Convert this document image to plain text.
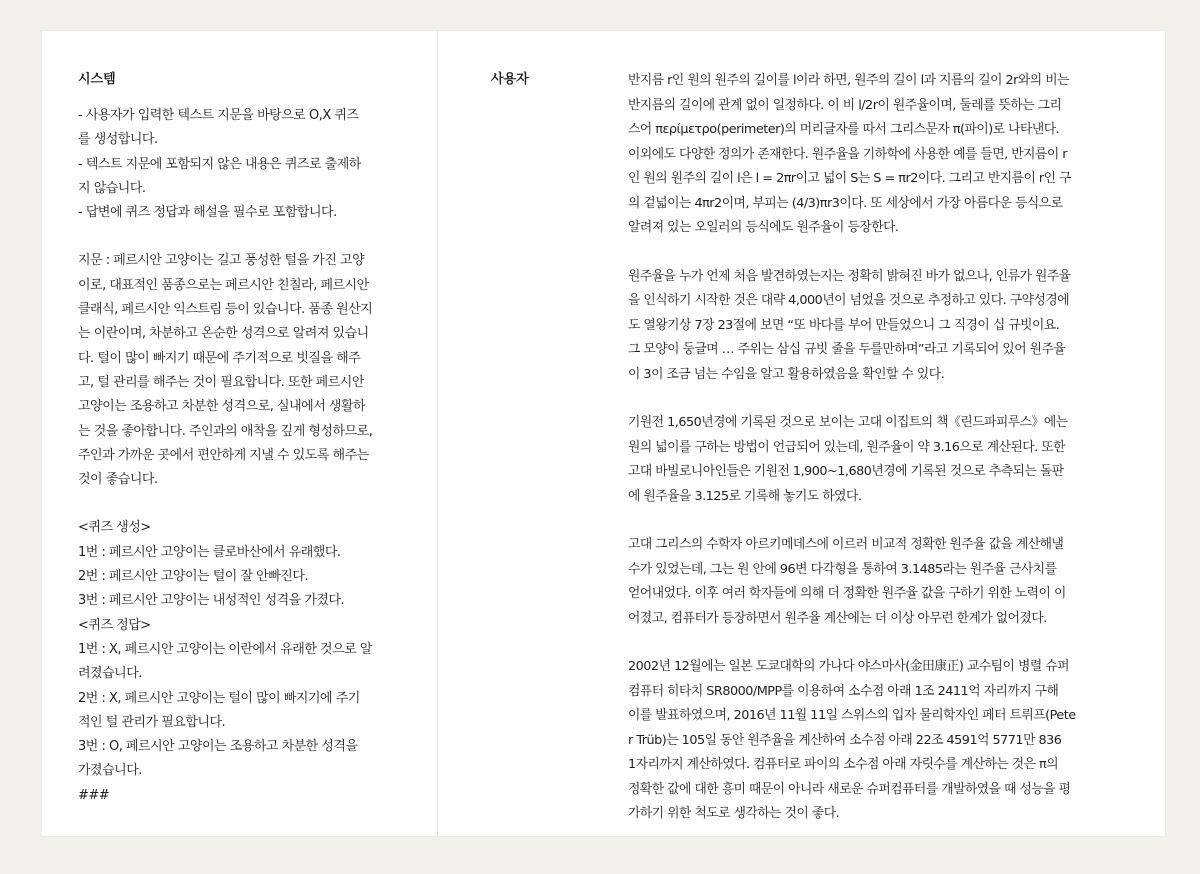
시스템

- 사용자가 입력한 텍스트 지문을 바탕으로 O,X 퀴즈
를 생성합니다.
- 텍스트 지문에 포함되지 않은 내용은 퀴즈로 출제하
지 않습니다.
- 답변에 퀴즈 정답과 해설을 필수로 포함합니다.
지문 : 페르시안 고양이는 길고 풍성한 털을 가진 고양
이로, 대표적인 품종으로는 페르시안 친칠라, 페르시안
클래식, 페르시안 익스트림 등이 있습니다. 품종 원산지
는 이란이며, 차분하고 온순한 성격으로 알려져 있습니
다. 털이 많이 빠지기 때문에 주기적으로 빗질을 해주
고, 털 관리를 해주는 것이 필요합니다. 또한 페르시안
고양이는 조용하고 차분한 성격으로, 실내에서 생활하
는 것을 좋아합니다. 주인과의 애착을 깊게 형성하므로,
주인과 가까운 곳에서 편안하게 지낼 수 있도록 해주는
것이 좋습니다.
<퀴즈 생성>
1번 : 페르시안 고양이는 클로바산에서 유래했다.
2번 : 페르시안 고양이는 털이 잘 안빠진다.
3번 : 페르시안 고양이는 내성적인 성격을 가졌다.
<퀴즈 정답>
1번 : X, 페르시안 고양이는 이란에서 유래한 것으로 알
려졌습니다.
2번 : X, 페르시안 고양이는 털이 많이 빠지기에 주기
적인 털 관리가 필요합니다.
3번 : O, 페르시안 고양이는 조용하고 차분한 성격을
가졌습니다.
###

사용자	반지름 r인 원의 원주의 길이를 l이라 하면, 원주의 길이 l과 지름의 길이 2r와의 비는
반지름의 길이에 관계 없이 일정하다. 이 비 l/2r이 원주율이며, 둘레를 뜻하는 그리
스어 περίμετρο(perimeter)의 머리글자를 따서 그리스문자 π(파이)로 나타낸다.
이외에도 다양한 정의가 존재한다. 원주율을 기하학에 사용한 예를 들면, 반지름이 r
인 원의 원주의 길이 l은 l = 2πr이고 넓이 S는 S = πr2이다. 그리고 반지름이 r인 구
의 겉넓이는 4πr2이며, 부피는 (4/3)πr3이다. 또 세상에서 가장 아름다운 등식으로
알려져 있는 오일러의 등식에도 원주율이 등장한다.
원주율을 누가 언제 처음 발견하였는지는 정확히 밝혀진 바가 없으나, 인류가 원주율
을 인식하기 시작한 것은 대략 4,000년이 넘었을 것으로 추정하고 있다. 구약성경에
도 열왕기상 7장 23절에 보면 “또 바다를 부어 만들었으니 그 직경이 십 규빗이요.
그 모양이 둥글며 … 주위는 삼십 규빗 줄을 두를만하며”라고 기록되어 있어 원주율
이 3이 조금 넘는 수임을 알고 활용하였음을 확인할 수 있다.
기원전 1,650년경에 기록된 것으로 보이는 고대 이집트의 책《린드파피루스》에는
원의 넓이를 구하는 방법이 언급되어 있는데, 원주율이 약 3.16으로 계산된다. 또한
고대 바빌로니아인들은 기원전 1,900~1,680년경에 기록된 것으로 추측되는 돌판
에 원주율을 3.125로 기록해 놓기도 하였다.
고대 그리스의 수학자 아르키메데스에 이르러 비교적 정확한 원주율 값을 계산해낼
수가 있었는데, 그는 원 안에 96변 다각형을 통하여 3.1485라는 원주율 근사치를
얻어내었다. 이후 여러 학자들에 의해 더 정확한 원주율 값을 구하기 위한 노력이 이
어졌고, 컴퓨터가 등장하면서 원주율 계산에는 더 이상 아무런 한계가 없어졌다.
2002년 12월에는 일본 도쿄대학의 가나다 야스마사(金田康正) 교수팀이 병렬 슈퍼
컴퓨터 히타치 SR8000/MPP를 이용하여 소수점 아래 1조 2411억 자리까지 구해
이를 발표하였으며, 2016년 11월 11일 스위스의 입자 물리학자인 페터 트뤼프(Pete
r Trüb)는 105일 동안 원주율을 계산하여 소수점 아래 22조 4591억 5771만 836
1자리까지 계산하였다. 컴퓨터로 파이의 소수점 아래 자릿수를 계산하는 것은 π의
정확한 값에 대한 흥미 때문이 아니라 새로운 슈퍼컴퓨터를 개발하였을 때 성능을 평
가하기 위한 척도로 생각하는 것이 좋다.
